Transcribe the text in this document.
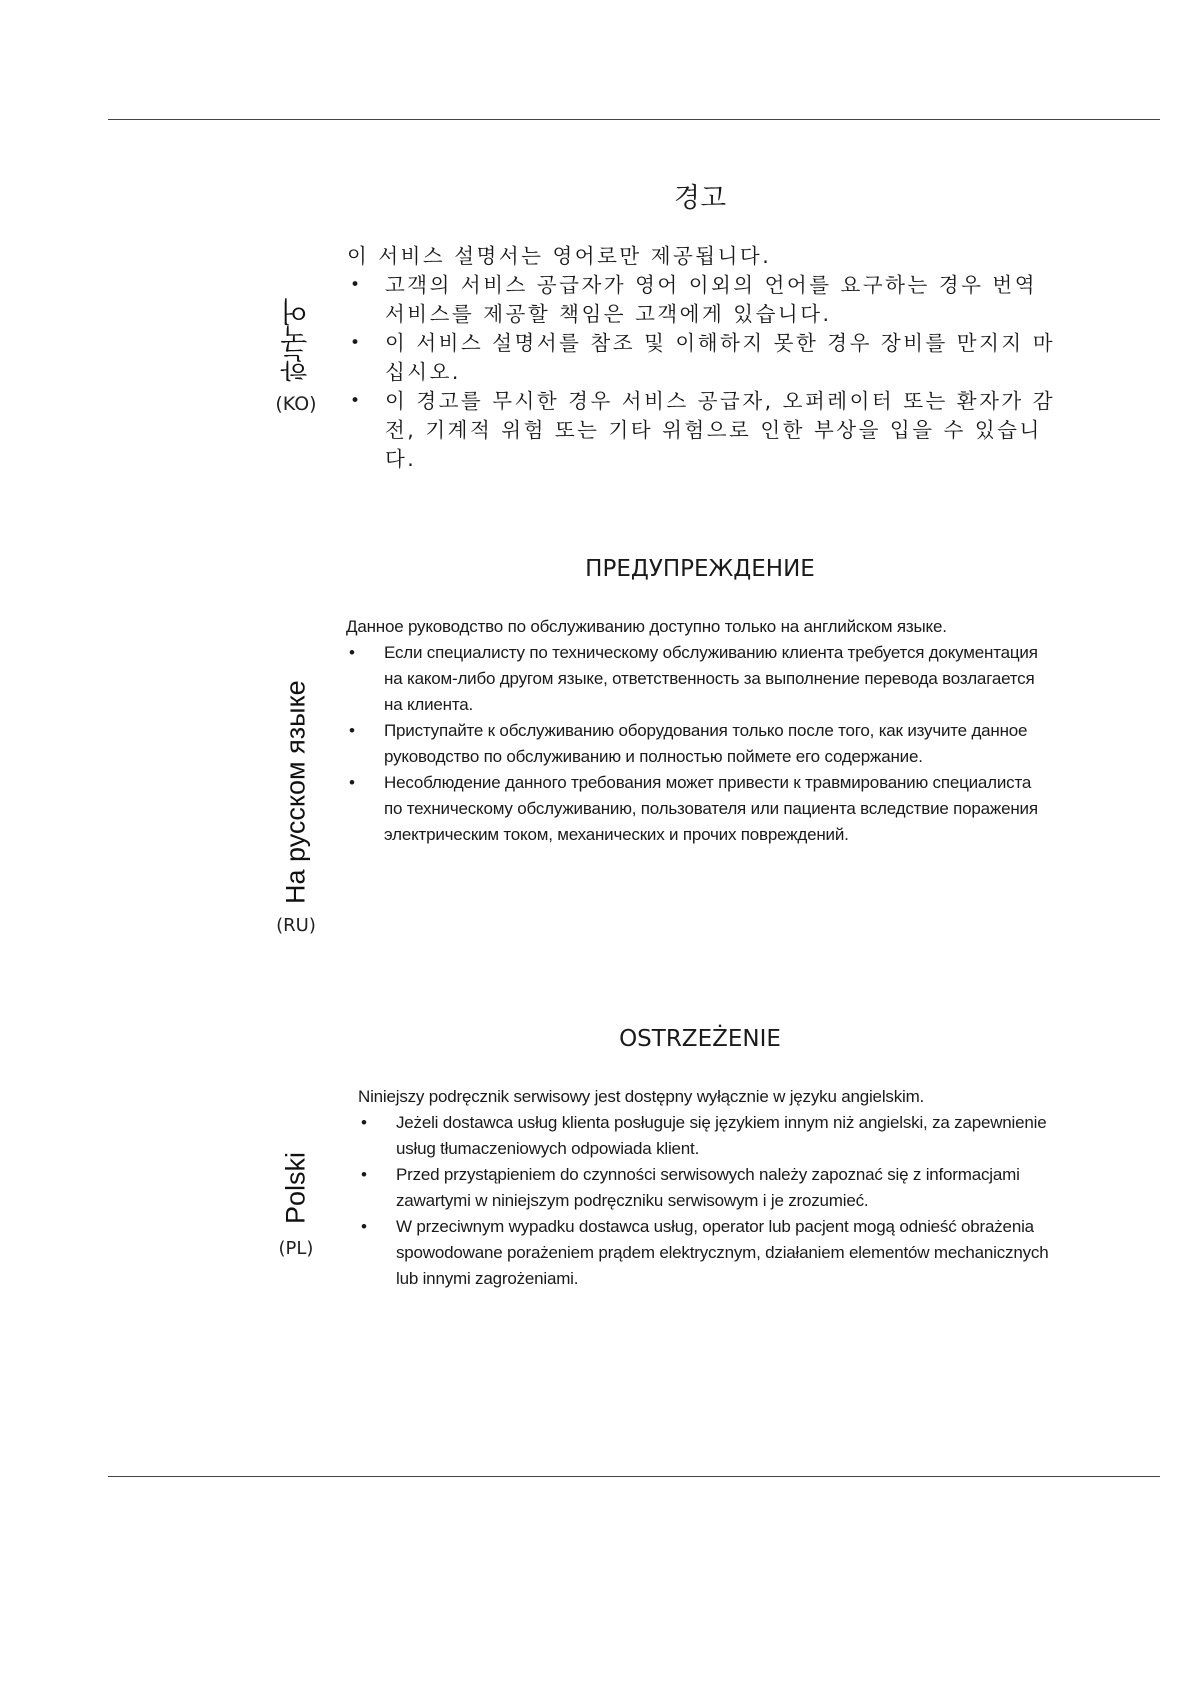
경고
한국어
(KO)

이 서비스 설명서는 영어로만 제공됩니다.

• 고객의 서비스 공급자가 영어 이외의 언어를 요구하는 경우 번역 서비스를 제공할 책임은 고객에게 있습니다.
• 이 서비스 설명서를 참조 및 이해하지 못한 경우 장비를 만지지 마십시오.
• 이 경고를 무시한 경우 서비스 공급자, 오퍼레이터 또는 환자가 감전, 기계적 위험 또는 기타 위험으로 인한 부상을 입을 수 있습니다.
ПРЕДУПРЕЖДЕНИЕ
На русском языке
(RU)

Данное руководство по обслуживанию доступно только на английском языке.

• Если специалисту по техническому обслуживанию клиента требуется документация на каком-либо другом языке, ответственность за выполнение перевода возлагается на клиента.
• Приступайте к обслуживанию оборудования только после того, как изучите данное руководство по обслуживанию и полностью поймете его содержание.
• Несоблюдение данного требования может привести к травмированию специалиста по техническому обслуживанию, пользователя или пациента вследствие поражения электрическим током, механических и прочих повреждений.
OSTRZEŻENIE
Polski
(PL)

Niniejszy podręcznik serwisowy jest dostępny wyłącznie w języku angielskim.

• Jeżeli dostawca usług klienta posługuje się językiem innym niż angielski, za zapewnienie usług tłumaczeniowych odpowiada klient.
• Przed przystąpieniem do czynności serwisowych należy zapoznać się z informacjami zawartymi w niniejszym podręczniku serwisowym i je zrozumieć.
• W przeciwnym wypadku dostawca usług, operator lub pacjent mogą odnieść obrażenia spowodowane porażeniem prądem elektrycznym, działaniem elementów mechanicznych lub innymi zagrożeniami.
